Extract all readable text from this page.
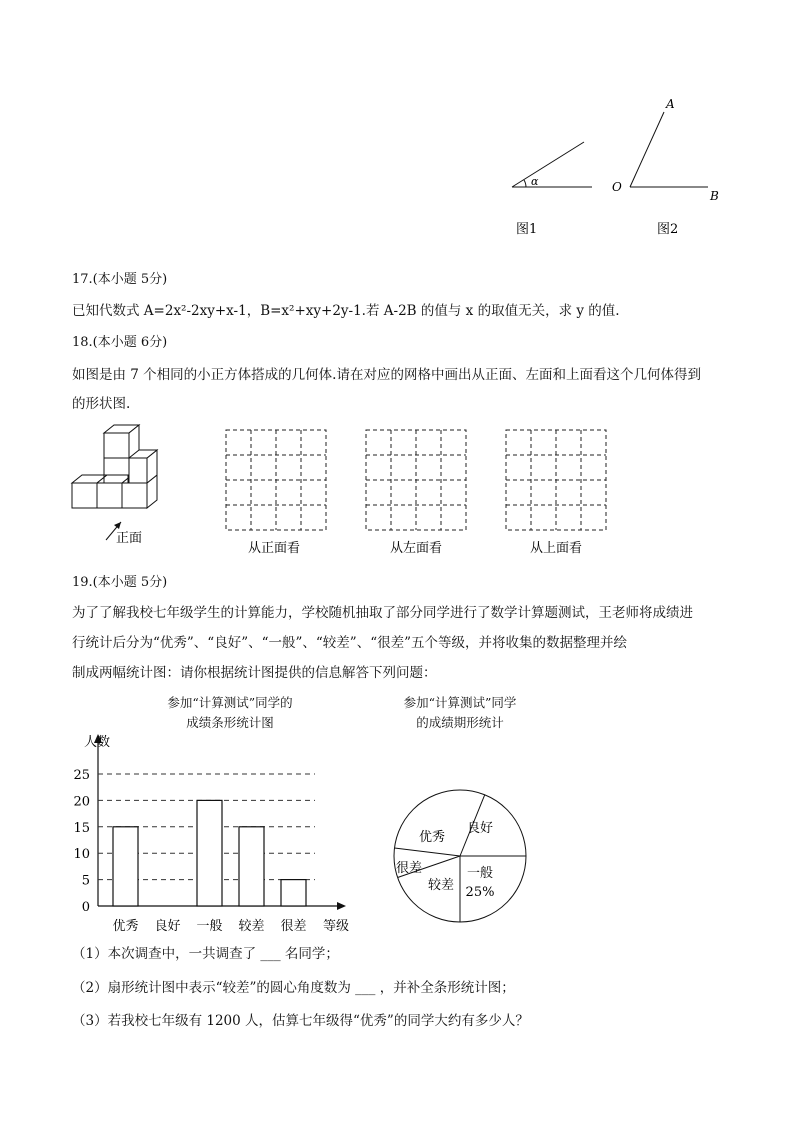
α
图1
A
O
B
图2
17.(本小题 5分)
已知代数式 A=2x²-2xy+x-1，B=x²+xy+2y-1.若 A-2B 的值与 x 的取值无关，求 y 的值.
18.(本小题 6分)
如图是由 7 个相同的小正方体搭成的几何体.请在对应的网格中画出从正面、左面和上面看这个几何体得到
的形状图.
正面
从正面看	从左面看	从上面看
19.(本小题 5分)
为了了解我校七年级学生的计算能力，学校随机抽取了部分同学进行了数学计算题测试，王老师将成绩进
行统计后分为“优秀”、“良好”、“一般”、“较差”、“很差”五个等级，并将收集的数据整理并绘
制成两幅统计图：请你根据统计图提供的信息解答下列问题：
参加“计算测试”同学的
成绩条形统计图
参加“计算测试”同学
的成绩期形统计
0
5
10
15
20
25
优秀 良好 一般 较差 很差
人数
等级
优秀
良好
一般
较差
很差
25%
（1）本次调查中，一共调查了 ___ 名同学；
（2）扇形统计图中表示“较差”的圆心角度数为 ___ ，并补全条形统计图；
（3）若我校七年级有 1200 人，估算七年级得“优秀”的同学大约有多少人？
